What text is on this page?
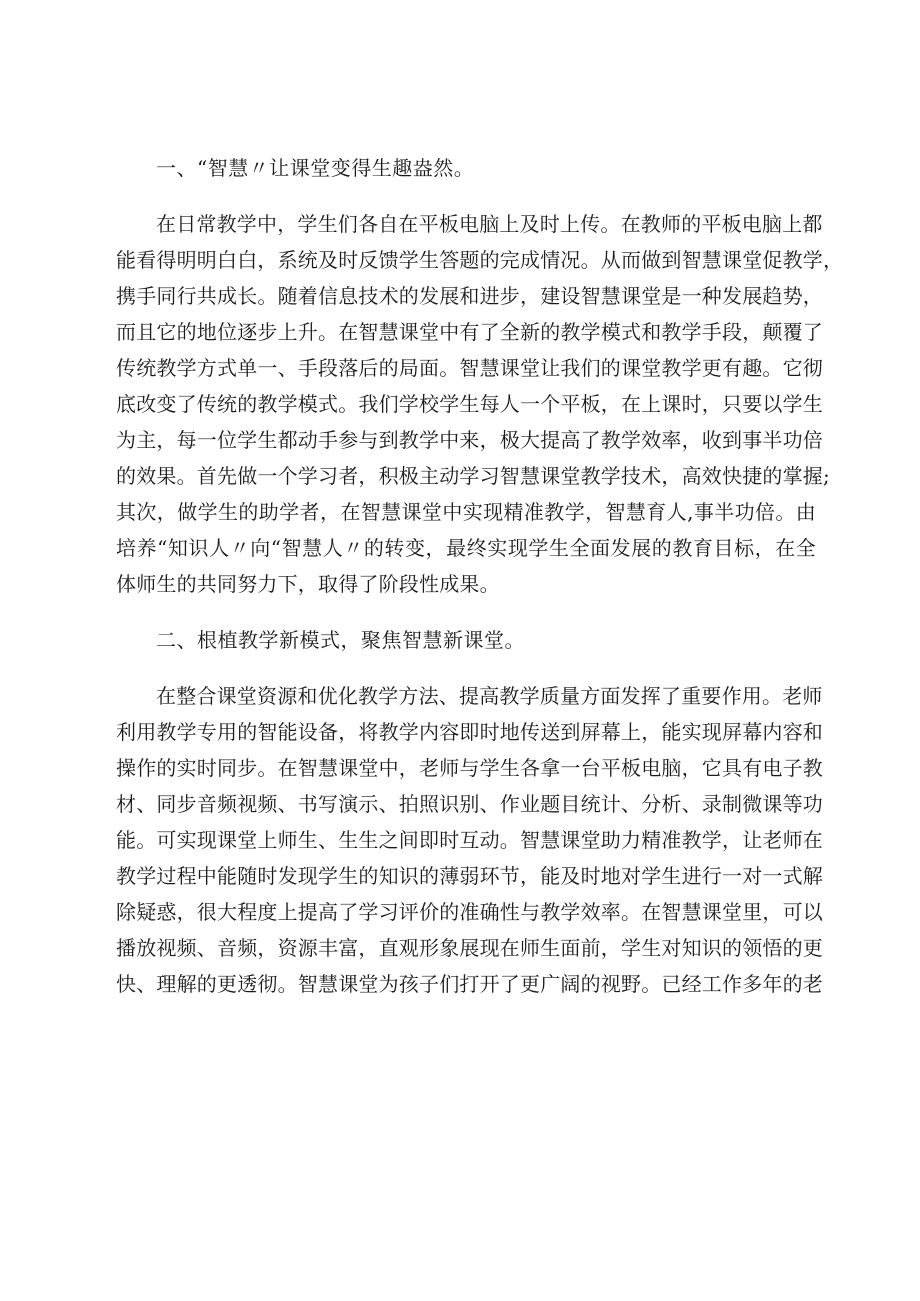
一、“智慧〃让课堂变得生趣盎然。

在日常教学中，学生们各自在平板电脑上及时上传。在教师的平板电脑上都
能看得明明白白，系统及时反馈学生答题的完成情况。从而做到智慧课堂促教学，
携手同行共成长。随着信息技术的发展和进步，建设智慧课堂是一种发展趋势，
而且它的地位逐步上升。在智慧课堂中有了全新的教学模式和教学手段，颠覆了
传统教学方式单一、手段落后的局面。智慧课堂让我们的课堂教学更有趣。它彻
底改变了传统的教学模式。我们学校学生每人一个平板，在上课时，只要以学生
为主，每一位学生都动手参与到教学中来，极大提高了教学效率，收到事半功倍
的效果。首先做一个学习者，积极主动学习智慧课堂教学技术，高效快捷的掌握;
其次，做学生的助学者，在智慧课堂中实现精准教学，智慧育人,事半功倍。由
培养“知识人〃向“智慧人〃的转变，最终实现学生全面发展的教育目标，在全
体师生的共同努力下，取得了阶段性成果。

二、根植教学新模式，聚焦智慧新课堂。

在整合课堂资源和优化教学方法、提高教学质量方面发挥了重要作用。老师
利用教学专用的智能设备，将教学内容即时地传送到屏幕上，能实现屏幕内容和
操作的实时同步。在智慧课堂中，老师与学生各拿一台平板电脑，它具有电子教
材、同步音频视频、书写演示、拍照识别、作业题目统计、分析、录制微课等功
能。可实现课堂上师生、生生之间即时互动。智慧课堂助力精准教学，让老师在
教学过程中能随时发现学生的知识的薄弱环节，能及时地对学生进行一对一式解
除疑惑，很大程度上提高了学习评价的准确性与教学效率。在智慧课堂里，可以
播放视频、音频，资源丰富，直观形象展现在师生面前，学生对知识的领悟的更
快、理解的更透彻。智慧课堂为孩子们打开了更广阔的视野。已经工作多年的老
